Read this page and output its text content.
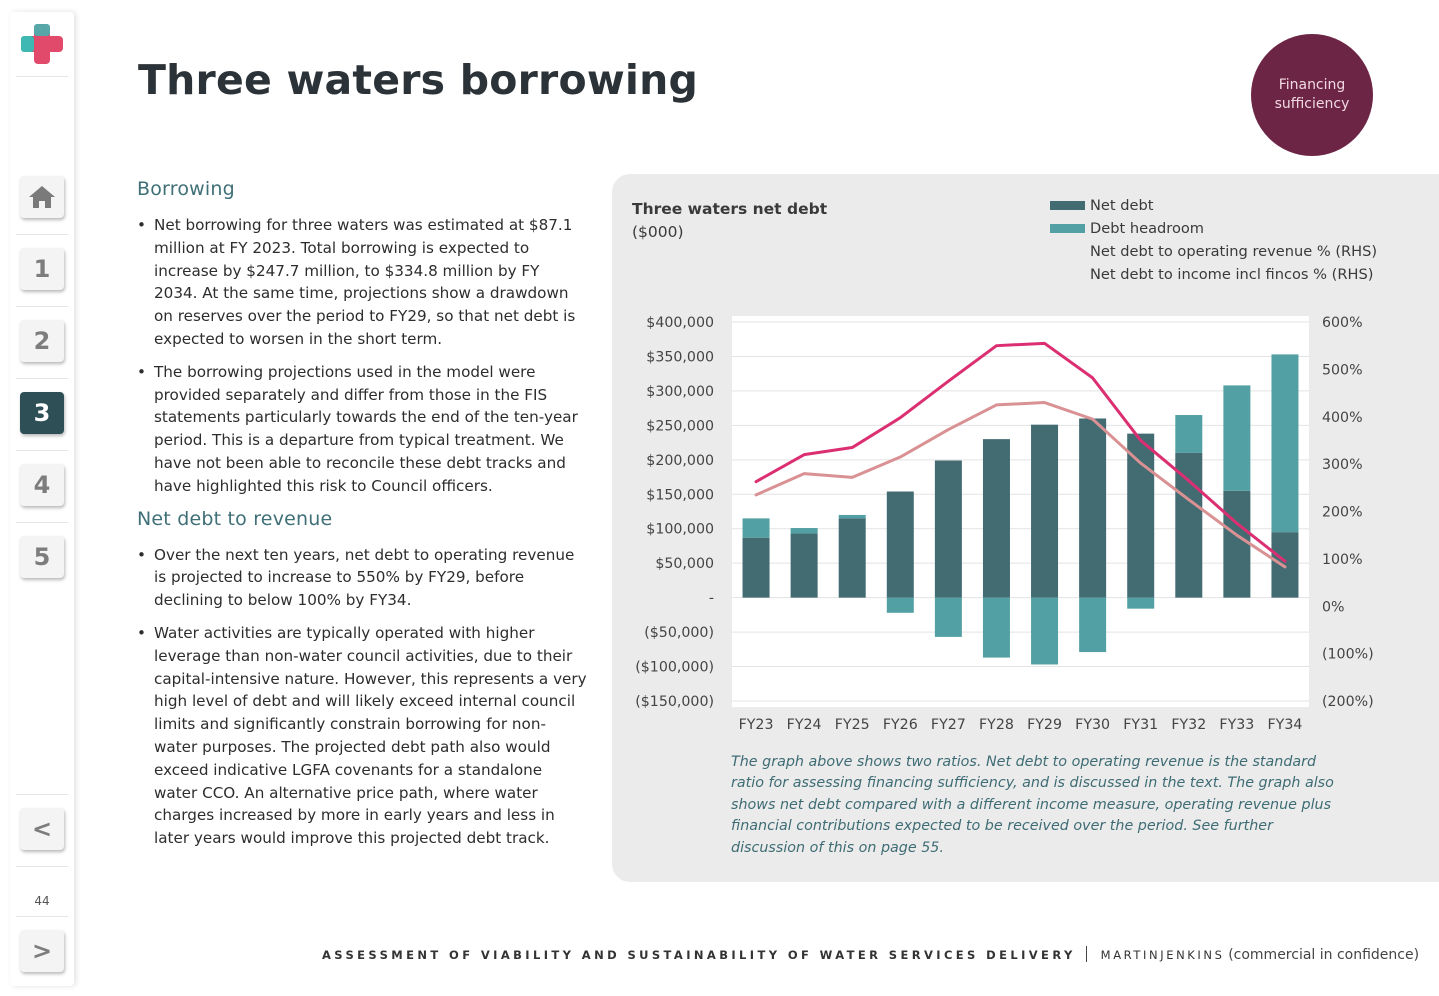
1
2
3
4
5
<
44
>
Three waters borrowing	Financing sufficiency
Borrowing
• Net borrowing for three waters was estimated at $87.1 million at FY 2023. Total borrowing is expected to increase by $247.7 million, to $334.8 million by FY 2034. At the same time, projections show a drawdown on reserves over the period to FY29, so that net debt is expected to worsen in the short term.
• The borrowing projections used in the model were provided separately and differ from those in the FIS statements particularly towards the end of the ten-year period. This is a departure from typical treatment. We have not been able to reconcile these debt tracks and have highlighted this risk to Council officers.
Net debt to revenue
• Over the next ten years, net debt to operating revenue is projected to increase to 550% by FY29, before declining to below 100% by FY34.
• Water activities are typically operated with higher leverage than non-water council activities, due to their capital-intensive nature. However, this represents a very high level of debt and will likely exceed internal council limits and significantly constrain borrowing for non-water purposes. The projected debt path also would exceed indicative LGFA covenants for a standalone water CCO. An alternative price path, where water charges increased by more in early years and less in later years would improve this projected debt track.
$400,000
$350,000
$300,000
$250,000
$200,000
$150,000
$100,000
$50,000
-
($50,000)
($100,000)
($150,000)
600%
500%
400%
300%
200%
100%
0%
(100%)
(200%)
FY23 FY24 FY25 FY26 FY27 FY28 FY29 FY30 FY31 FY32 FY33 FY34
Three waters net debt
($000)
Net debt
Debt headroom
Net debt to operating revenue % (RHS)
Net debt to income incl fincos % (RHS)
The graph above shows two ratios. Net debt to operating revenue is the standard ratio for assessing financing sufficiency, and is discussed in the text. The graph also shows net debt compared with a different income measure, operating revenue plus financial contributions expected to be received over the period. See further discussion of this on page 55.
ASSESSMENT OF VIABILITY AND SUSTAINABILITY OF WATER SERVICES DELIVERY MARTINJENKINS (commercial in confidence)
